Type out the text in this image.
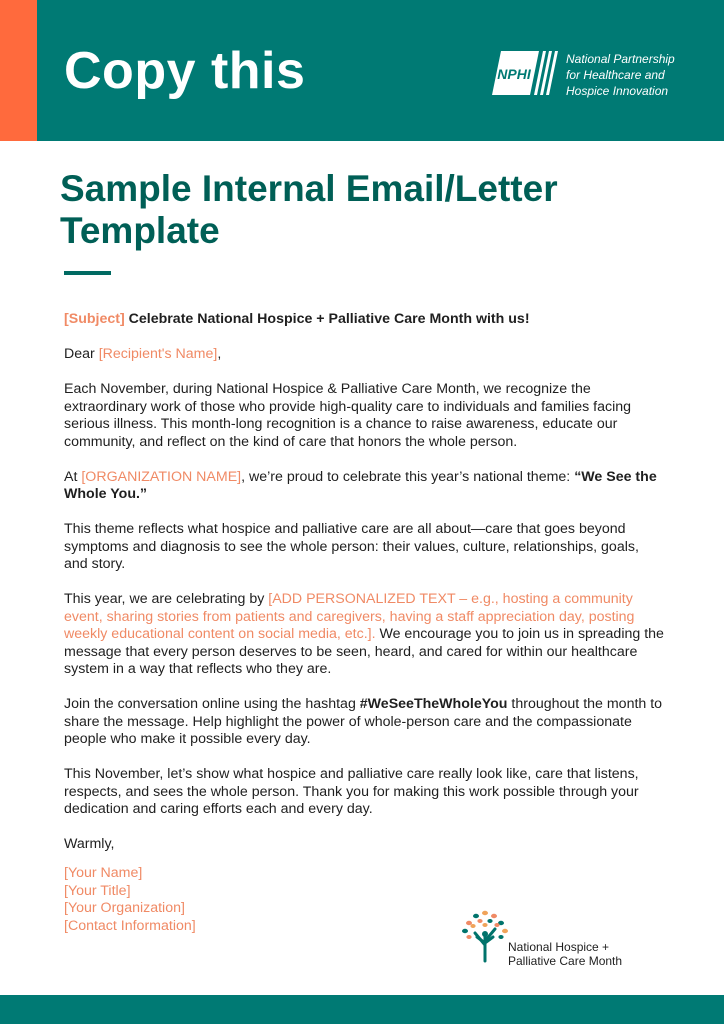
Copy this	NPHI
National Partnership
for Healthcare and
Hospice Innovation
Sample Internal Email/Letter Template

[Subject] Celebrate National Hospice + Palliative Care Month with us!

Dear [Recipient's Name],

Each November, during National Hospice & Palliative Care Month, we recognize the extraordinary work of those who provide high-quality care to individuals and families facing serious illness. This month-long recognition is a chance to raise awareness, educate our community, and reflect on the kind of care that honors the whole person.

At [ORGANIZATION NAME], we’re proud to celebrate this year’s national theme: “We See the Whole You.”

This theme reflects what hospice and palliative care are all about—care that goes beyond symptoms and diagnosis to see the whole person: their values, culture, relationships, goals, and story.

This year, we are celebrating by [ADD PERSONALIZED TEXT – e.g., hosting a community event, sharing stories from patients and caregivers, having a staff appreciation day, posting weekly educational content on social media, etc.]. We encourage you to join us in spreading the message that every person deserves to be seen, heard, and cared for within our healthcare system in a way that reflects who they are.

Join the conversation online using the hashtag #WeSeeTheWholeYou throughout the month to share the message. Help highlight the power of whole-person care and the compassionate people who make it possible every day.

This November, let’s show what hospice and palliative care really look like, care that listens, respects, and sees the whole person. Thank you for making this work possible through your dedication and caring efforts each and every day.

Warmly,

[Your Name]
[Your Title]
[Your Organization]
[Contact Information]
National Hospice +
Palliative Care Month
